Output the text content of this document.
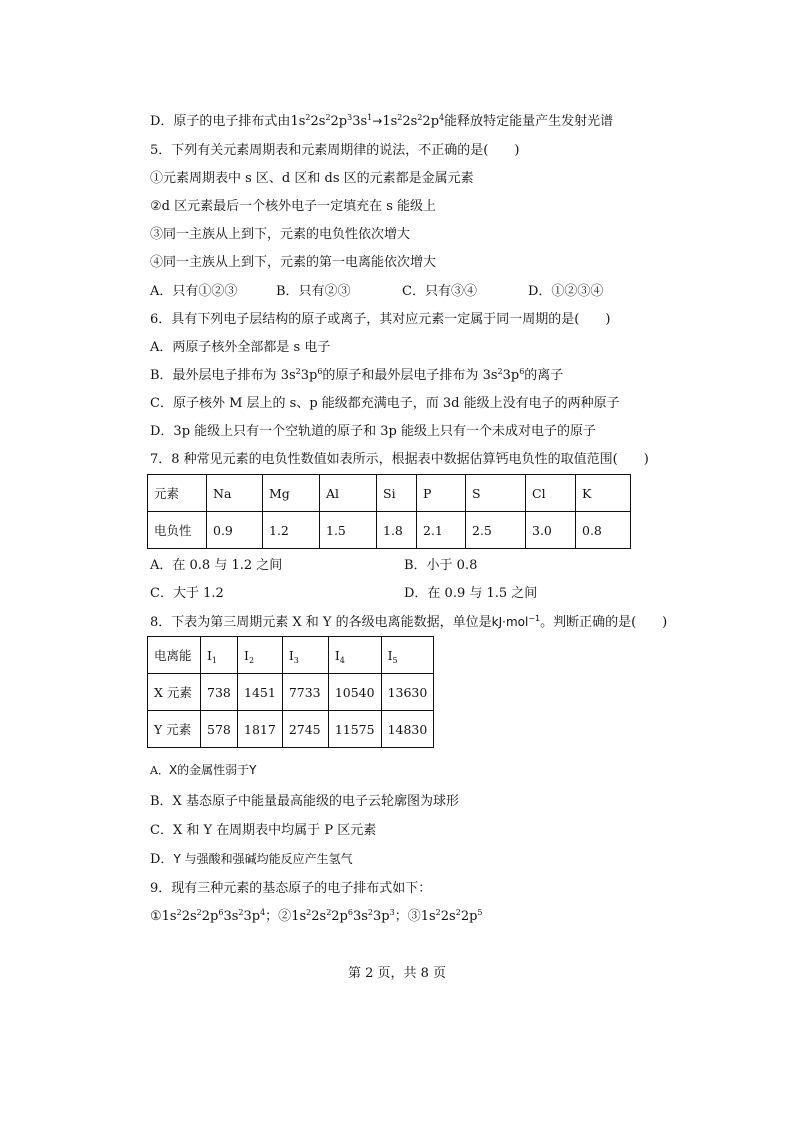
D．原子的电子排布式由$1s^22s^22p^33s^1\to 1s^22s^22p^4$能释放特定能量产生发射光谱
5．下列有关元素周期表和元素周期律的说法，不正确的是(　　)
①元素周期表中 s 区、d 区和 ds 区的元素都是金属元素
②d 区元素最后一个核外电子一定填充在 s 能级上
③同一主族从上到下，元素的电负性依次增大
④同一主族从上到下，元素的第一电离能依次增大
A．只有①②③	B．只有②③	C．只有③④	D．①②③④
6．具有下列电子层结构的原子或离子，其对应元素一定属于同一周期的是(　　)
A．两原子核外全部都是 s 电子
B．最外层电子排布为 $3s^23p^6$的原子和最外层电子排布为 $3s^23p^6$的离子
C．原子核外 M 层上的 s、p 能级都充满电子，而 3d 能级上没有电子的两种原子
D．3p 能级上只有一个空轨道的原子和 3p 能级上只有一个未成对电子的原子
7．8 种常见元素的电负性数值如表所示，根据表中数据估算钙电负性的取值范围(　　)
元素	Na	Mg	Al	Si	P	S	Cl	K
电负性	0.9	1.2	1.5	1.8	2.1	2.5	3.0	0.8
A．在 0.8 与 1.2 之间	B．小于 0.8
C．大于 1.2	D．在 0.9 与 1.5 之间
8．下表为第三周期元素 X 和 Y 的各级电离能数据，单位是kJ·mol$^{-1}$。判断正确的是(　　)
电离能	$I_1$	$I_2$	$I_3$	$I_4$	$I_5$
X 元素	738	1451	7733	10540	13630
Y 元素	578	1817	2745	11575	14830
A．X的金属性弱于Y
B．X 基态原子中能量最高能级的电子云轮廓图为球形
C．X 和 Y 在周期表中均属于 P 区元素
D．Y 与强酸和强碱均能反应产生氢气
9．现有三种元素的基态原子的电子排布式如下：
$①1s^22s^22p^63s^23p^4$；$②1s^22s^22p^63s^23p^3$；$③1s^22s^22p^5$
第 2 页，共 8 页
